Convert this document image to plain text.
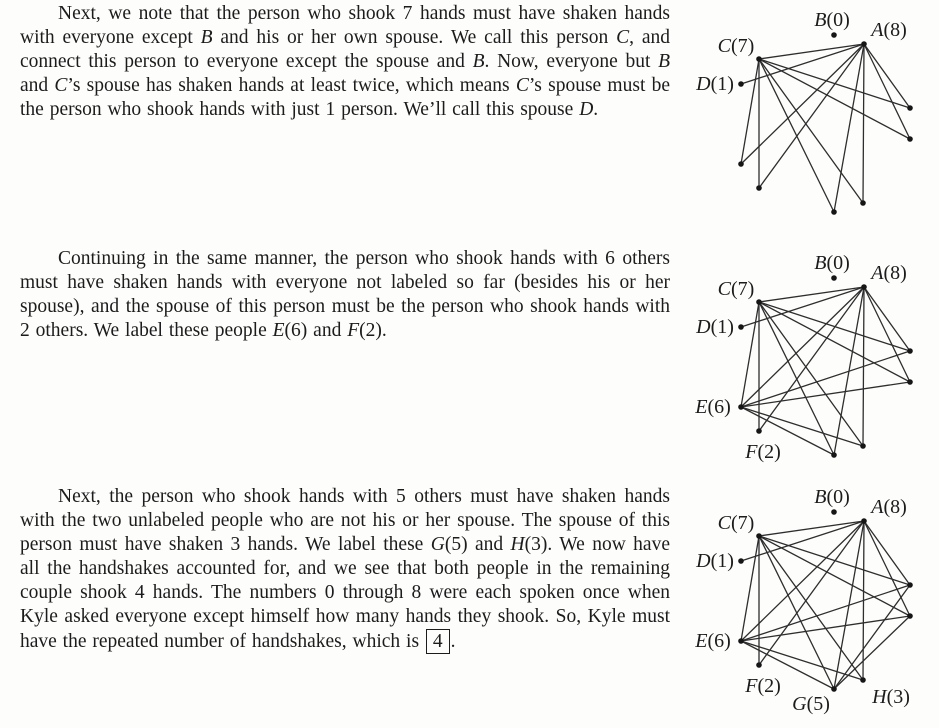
Next, we note that the person who shook 7 hands must have shaken hands with everyone except B and his or her own spouse. We call this person C, and connect this person to everyone except the spouse and B. Now, everyone but B and C’s spouse has shaken hands at least twice, which means C’s spouse must be the person who shook hands with just 1 person. We’ll call this spouse D.

Continuing in the same manner, the person who shook hands with 6 others must have shaken hands with everyone not labeled so far (besides his or her spouse), and the spouse of this person must be the person who shook hands with 2 others. We label these people E(6) and F(2).

Next, the person who shook hands with 5 others must have shaken hands with the two unlabeled people who are not his or her spouse. The spouse of this person must have shaken 3 hands. We label these G(5) and H(3). We now have all the handshakes accounted for, and we see that both people in the remaining couple shook 4 hands. The numbers 0 through 8 were each spoken once when Kyle asked everyone except himself how many hands they shook. So, Kyle must have the repeated number of handshakes, which is 4 .

B(0) A(8)
C(7)
D(1)
B(0) A(8)
C(7)
D(1)
E(6)
F(2)
B(0) A(8)
C(7)
D(1)
E(6)
F(2)
G(5) H(3)
